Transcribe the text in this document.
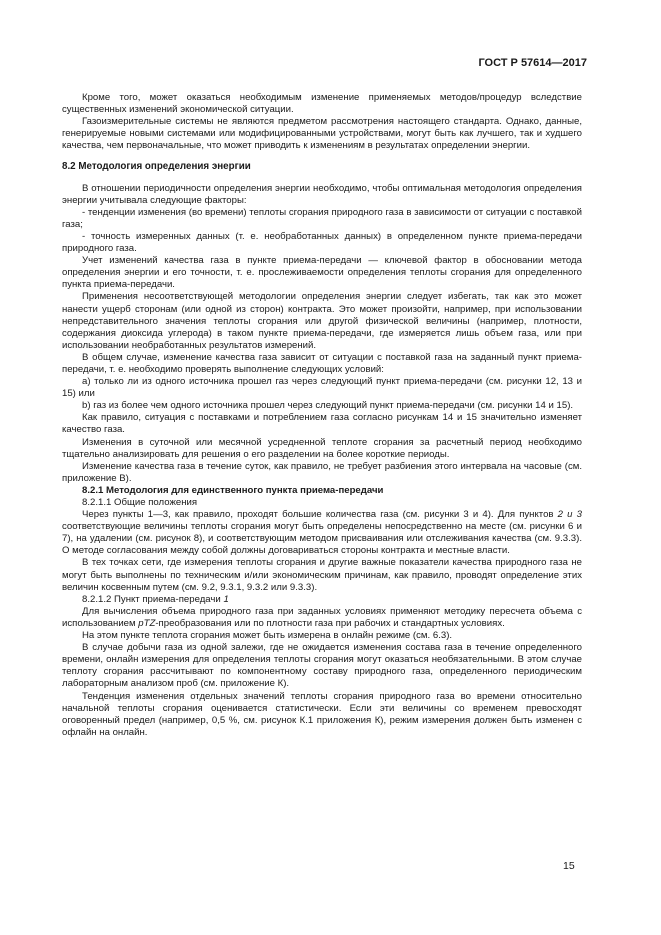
ГОСТ Р 57614—2017

Кроме того, может оказаться необходимым изменение применяемых методов/процедур вследствие существенных изменений экономической ситуации.

Газоизмерительные системы не являются предметом рассмотрения настоящего стандарта. Однако, данные, генерируемые новыми системами или модифицированными устройствами, могут быть как лучшего, так и худшего качества, чем первоначальные, что может приводить к изменениям в результатах определении энергии.

8.2 Методология определения энергии

В отношении периодичности определения энергии необходимо, чтобы оптимальная методология определения энергии учитывала следующие факторы:

- тенденции изменения (во времени) теплоты сгорания природного газа в зависимости от ситуации с поставкой газа;

- точность измеренных данных (т. е. необработанных данных) в определенном пункте приема-передачи природного газа.

Учет изменений качества газа в пункте приема-передачи — ключевой фактор в обосновании метода определения энергии и его точности, т. е. прослеживаемости определения теплоты сгорания для определенного пункта приема-передачи.

Применения несоответствующей методологии определения энергии следует избегать, так как это может нанести ущерб сторонам (или одной из сторон) контракта. Это может произойти, например, при использовании непредставительного значения теплоты сгорания или другой физической величины (например, плотности, содержания диоксида углерода) в таком пункте приема-передачи, где измеряется лишь объем газа, или при использовании необработанных результатов измерений.

В общем случае, изменение качества газа зависит от ситуации с поставкой газа на заданный пункт приема-передачи, т. е. необходимо проверять выполнение следующих условий:

а) только ли из одного источника прошел газ через следующий пункт приема-передачи (см. рисунки 12, 13 и 15) или

b) газ из более чем одного источника прошел через следующий пункт приема-передачи (см. рисунки 14 и 15).

Как правило, ситуация с поставками и потреблением газа согласно рисункам 14 и 15 значительно изменяет качество газа.

Изменения в суточной или месячной усредненной теплоте сгорания за расчетный период необходимо тщательно анализировать для решения о его разделении на более короткие периоды.

Изменение качества газа в течение суток, как правило, не требует разбиения этого интервала на часовые (см. приложение В).

8.2.1 Методология для единственного пункта приема-передачи

8.2.1.1 Общие положения

Через пункты 1—3, как правило, проходят большие количества газа (см. рисунки 3 и 4). Для пунктов 2 и 3 соответствующие величины теплоты сгорания могут быть определены непосредственно на месте (см. рисунки 6 и 7), на удалении (см. рисунок 8), и соответствующим методом присваивания или отслеживания качества (см. 9.3.3). О методе согласования между собой должны договариваться стороны контракта и местные власти.

В тех точках сети, где измерения теплоты сгорания и другие важные показатели качества природного газа не могут быть выполнены по техническим и/или экономическим причинам, как правило, проводят определение этих величин косвенным путем (см. 9.2, 9.3.1, 9.3.2 или 9.3.3).

8.2.1.2 Пункт приема-передачи 1

Для вычисления объема природного газа при заданных условиях применяют методику пересчета объема с использованием pTZ-преобразования или по плотности газа при рабочих и стандартных условиях.

На этом пункте теплота сгорания может быть измерена в онлайн режиме (см. 6.3).

В случае добычи газа из одной залежи, где не ожидается изменения состава газа в течение определенного времени, онлайн измерения для определения теплоты сгорания могут оказаться необязательными. В этом случае теплоту сгорания рассчитывают по компонентному составу природного газа, определенного периодическим лабораторным анализом проб (см. приложение К).

Тенденция изменения отдельных значений теплоты сгорания природного газа во времени относительно начальной теплоты сгорания оценивается статистически. Если эти величины со временем превосходят оговоренный предел (например, 0,5 %, см. рисунок К.1 приложения К), режим измерения должен быть изменен с офлайн на онлайн.

15
